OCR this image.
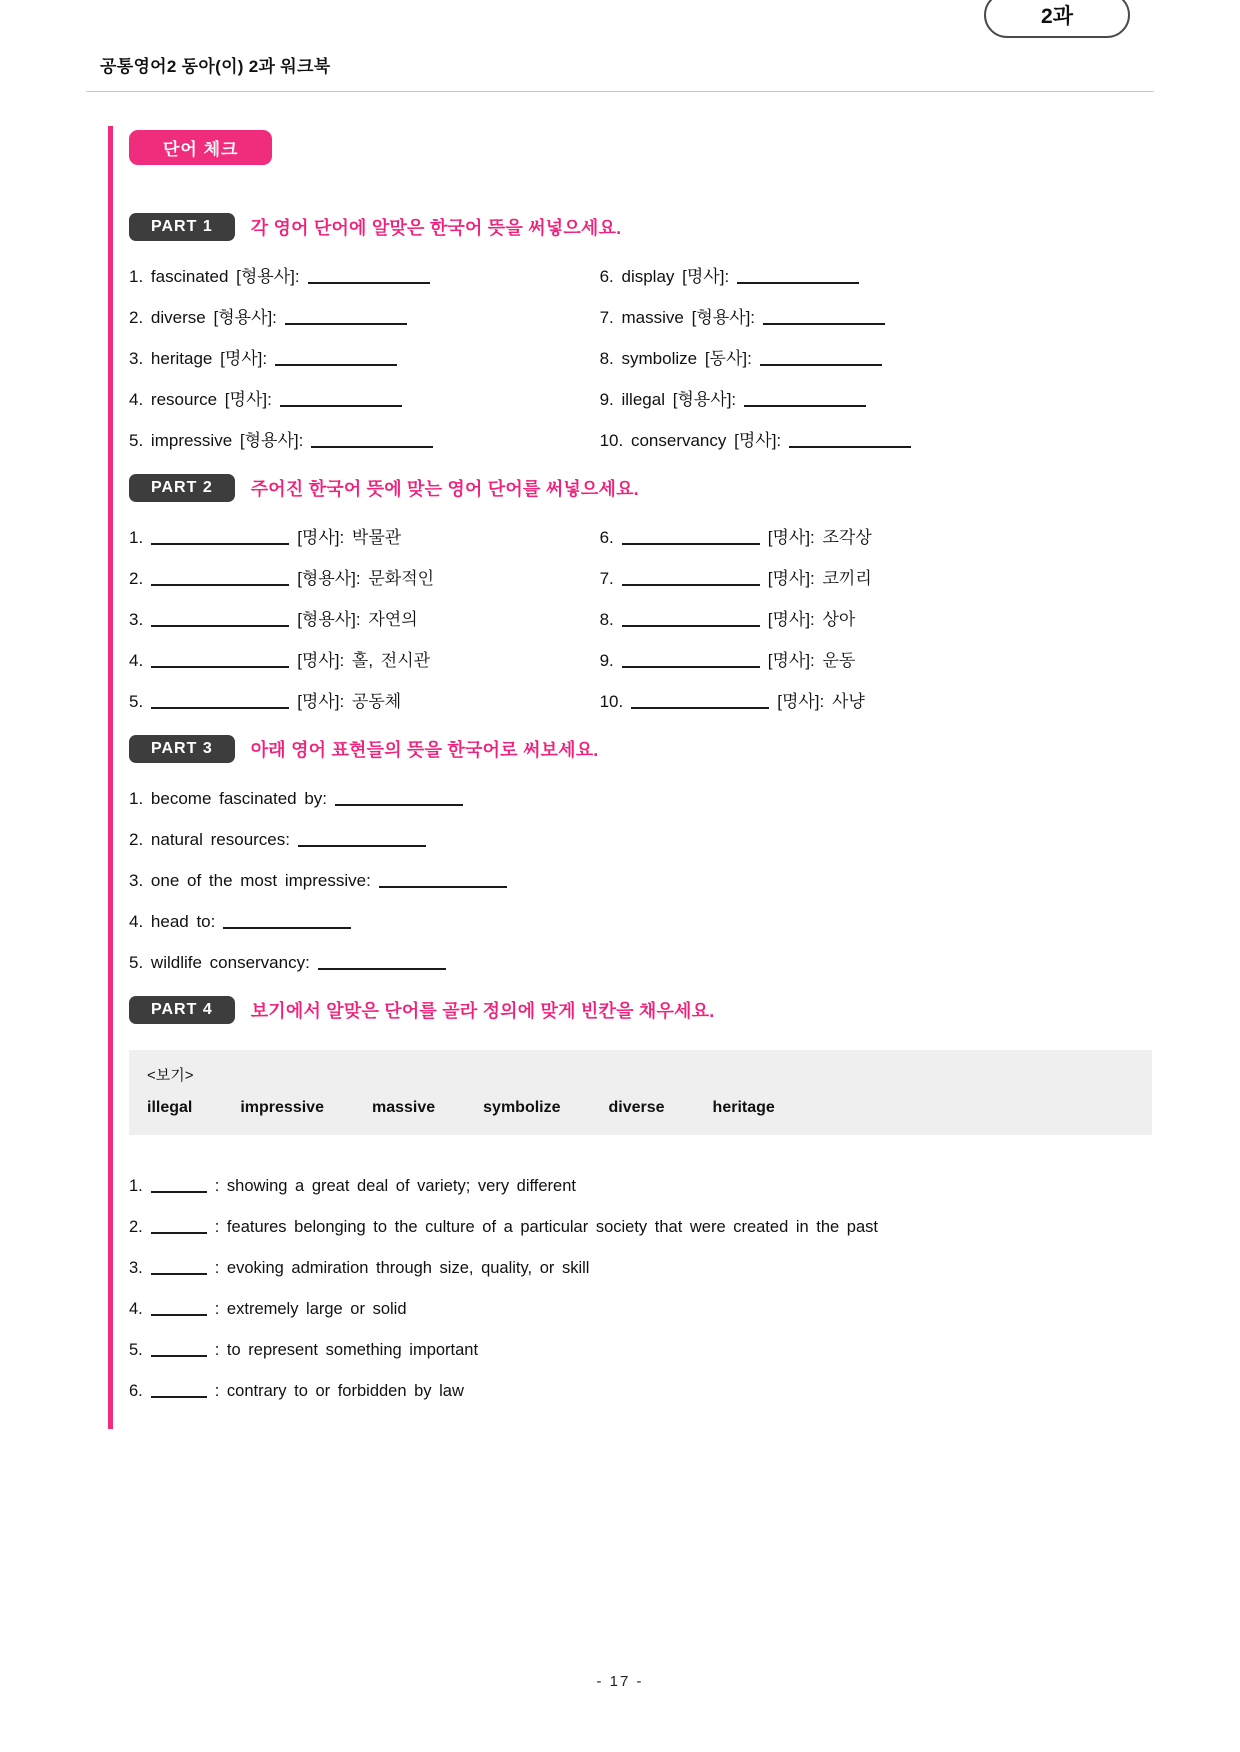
공통영어2 동아(이) 2과 워크북
2과
단어 체크
PART 1	각 영어 단어에 알맞은 한국어 뜻을 써넣으세요.
1. fascinated [형용사]:	6. display [명사]:
2. diverse [형용사]:	7. massive [형용사]:
3. heritage [명사]:	8. symbolize [동사]:
4. resource [명사]:	9. illegal [형용사]:
5. impressive [형용사]:	10. conservancy [명사]:
PART 2	주어진 한국어 뜻에 맞는 영어 단어를 써넣으세요.
1.	[명사]: 박물관	6.	[명사]: 조각상
2.	[형용사]: 문화적인	7.	[명사]: 코끼리
3.	[형용사]: 자연의	8.	[명사]: 상아
4.	[명사]: 홀, 전시관	9.	[명사]: 운동
5.	[명사]: 공동체	10.	[명사]: 사냥
PART 3	아래 영어 표현들의 뜻을 한국어로 써보세요.
1. become fascinated by:
2. natural resources:
3. one of the most impressive:
4. head to:
5. wildlife conservancy:
PART 4	보기에서 알맞은 단어를 골라 정의에 맞게 빈칸을 채우세요.
<보기>
illegal	impressive	massive	symbolize	diverse	heritage
1.	: showing a great deal of variety; very different
2.	: features belonging to the culture of a particular society that were created in the past
3.	: evoking admiration through size, quality, or skill
4.	: extremely large or solid
5.	: to represent something important
6.	: contrary to or forbidden by law
- 17 -
